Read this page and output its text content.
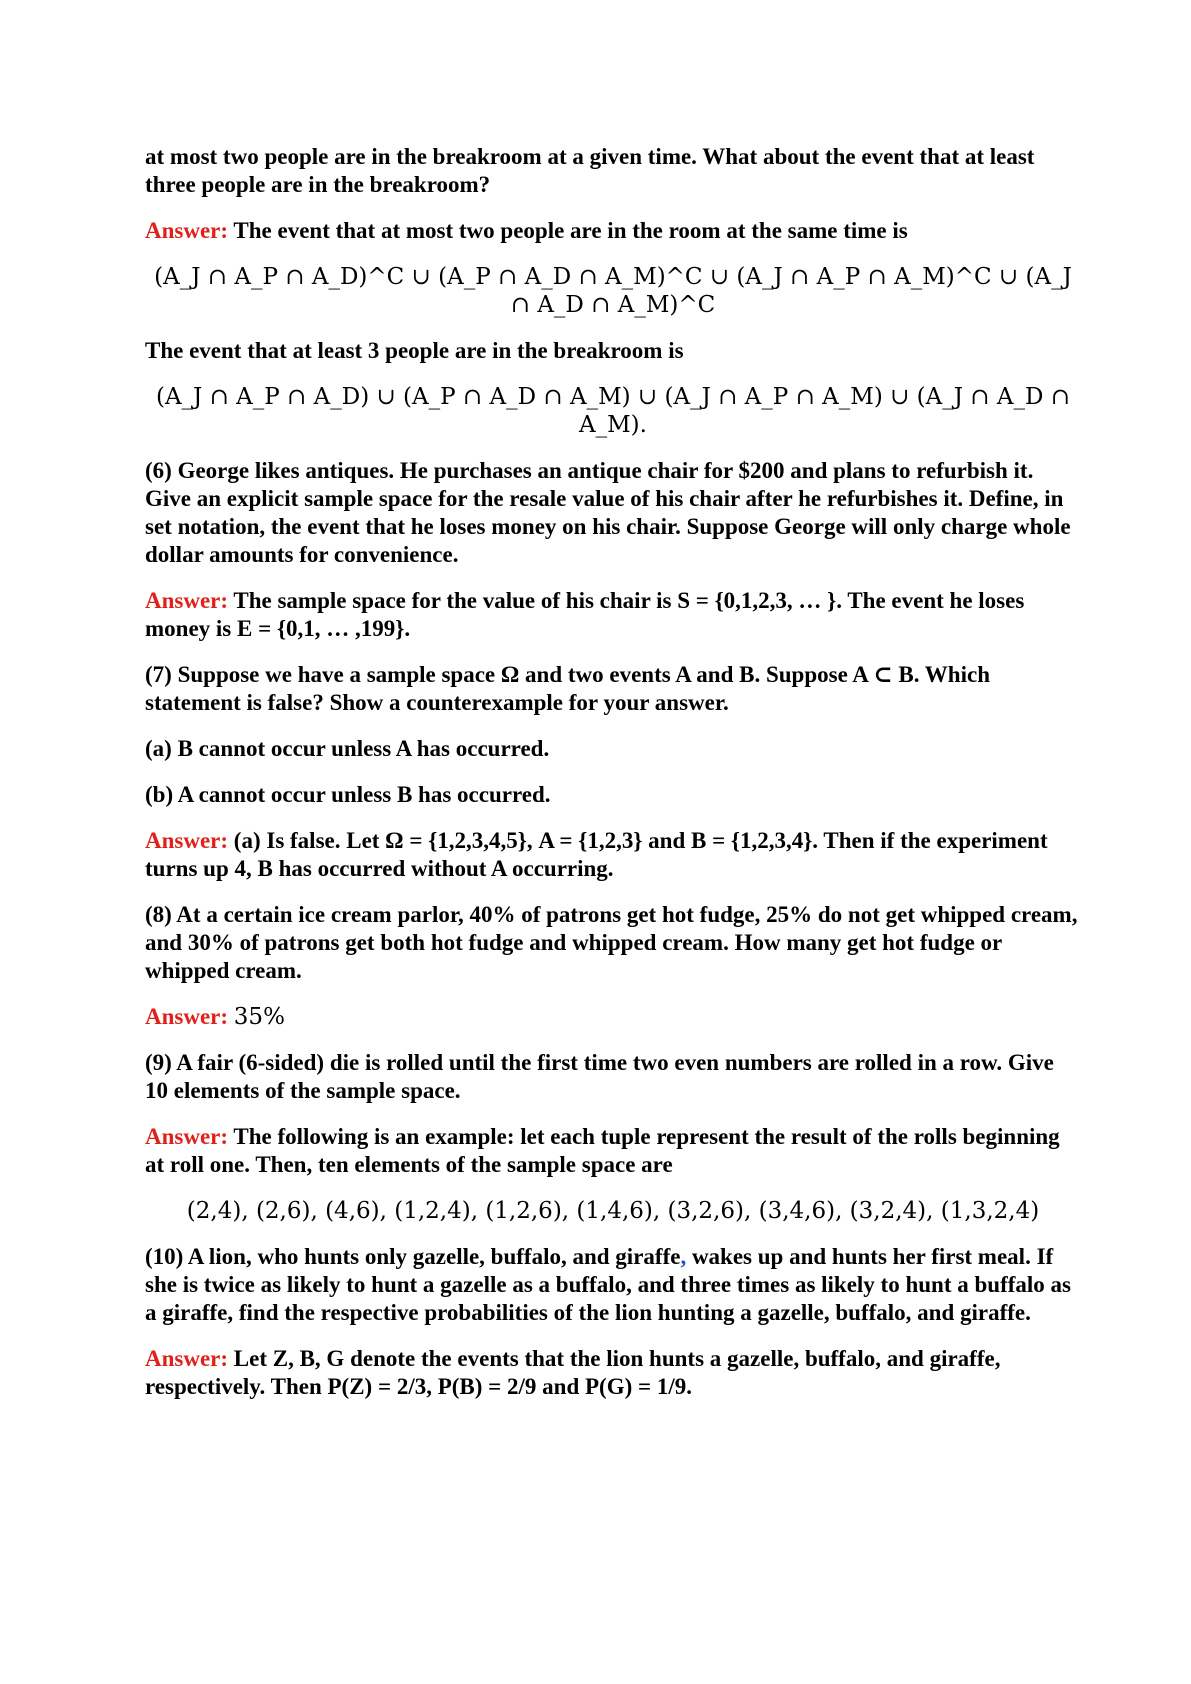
at most two people are in the breakroom at a given time. What about the event that at least three people are in the breakroom?

Answer: The event that at most two people are in the room at the same time is

(A_J ∩ A_P ∩ A_D)^C ∪ (A_P ∩ A_D ∩ A_M)^C ∪ (A_J ∩ A_P ∩ A_M)^C ∪ (A_J ∩ A_D ∩ A_M)^C

The event that at least 3 people are in the breakroom is

(A_J ∩ A_P ∩ A_D) ∪ (A_P ∩ A_D ∩ A_M) ∪ (A_J ∩ A_P ∩ A_M) ∪ (A_J ∩ A_D ∩ A_M).

(6) George likes antiques. He purchases an antique chair for $200 and plans to refurbish it. Give an explicit sample space for the resale value of his chair after he refurbishes it. Define, in set notation, the event that he loses money on his chair. Suppose George will only charge whole dollar amounts for convenience.

Answer: The sample space for the value of his chair is S = {0,1,2,3, … }. The event he loses money is E = {0,1, … ,199}.

(7) Suppose we have a sample space Ω and two events A and B. Suppose A ⊂ B. Which statement is false? Show a counterexample for your answer.

(a) B cannot occur unless A has occurred.

(b) A cannot occur unless B has occurred.

Answer: (a) Is false. Let Ω = {1,2,3,4,5}, A = {1,2,3} and B = {1,2,3,4}. Then if the experiment turns up 4, B has occurred without A occurring.

(8) At a certain ice cream parlor, 40% of patrons get hot fudge, 25% do not get whipped cream, and 30% of patrons get both hot fudge and whipped cream. How many get hot fudge or whipped cream.

Answer: 35%

(9) A fair (6-sided) die is rolled until the first time two even numbers are rolled in a row. Give 10 elements of the sample space.

Answer: The following is an example: let each tuple represent the result of the rolls beginning at roll one. Then, ten elements of the sample space are

(2,4), (2,6), (4,6), (1,2,4), (1,2,6), (1,4,6), (3,2,6), (3,4,6), (3,2,4), (1,3,2,4)

(10) A lion, who hunts only gazelle, buffalo, and giraffe, wakes up and hunts her first meal. If she is twice as likely to hunt a gazelle as a buffalo, and three times as likely to hunt a buffalo as a giraffe, find the respective probabilities of the lion hunting a gazelle, buffalo, and giraffe.

Answer: Let Z, B, G denote the events that the lion hunts a gazelle, buffalo, and giraffe, respectively. Then P(Z) = 2/3, P(B) = 2/9 and P(G) = 1/9.
